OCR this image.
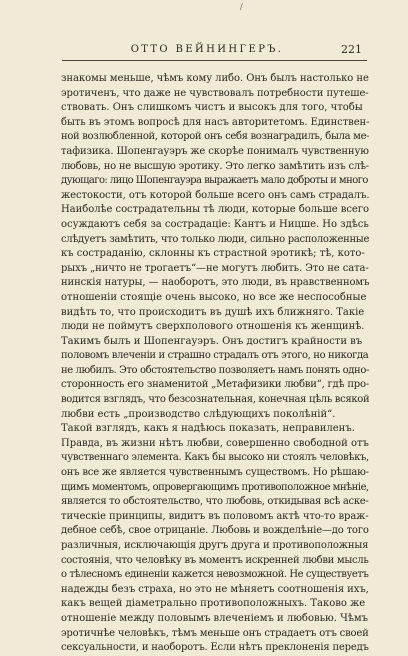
/
ОТТО ВЕЙНИНГЕРЪ.	221
знакомы меньше, чѣмъ кому либо. Онъ былъ настолько не
эротиченъ, что даже не чувствовалъ потребности путеше-
ствовать. Онъ слишкомъ чистъ и высокъ для того, чтобы
быть въ этомъ вопросѣ для насъ авторитетомъ. Единствен-
ной возлюбленной, которой онъ себя вознаградилъ, была ме-
тафизика. Шопенгауэръ же скорѣе понималъ чувственную
любовь, но не высшую эротику. Это легко замѣтить изъ слѣ-
дующаго: лицо Шопенгауэра выражаетъ мало доброты и много
жестокости, отъ которой больше всего онъ самъ страдалъ.
Наиболѣе сострадательны тѣ люди, которые больше всего
осуждаютъ себя за сострадаціе: Кантъ и Ницше. Но здѣсь
слѣдуетъ замѣтить, что только люди, сильно расположенные
къ состраданію, склонны къ страстной эротикѣ; тѣ, кото-
рыхъ „ничто не трогаетъ“—не могутъ любить. Это не сата-
нинскія натуры, — наоборотъ, это люди, въ нравственномъ
отношеніи стоящіе очень высоко, но все же неспособные
видѣть то, что происходитъ въ душѣ ихъ ближняго. Такіе
люди не поймутъ сверхполового отношенія къ женщинѣ.
Такимъ былъ и Шопенгауэръ. Онъ достигъ крайности въ
половомъ влеченіи и страшно страдалъ отъ этого, но никогда
не любилъ. Это обстоятельство позволяетъ намъ понять одно-
сторонность его знаменитой „Метафизики любви“, гдѣ про-
водится взглядъ, что безсознательная, конечная цѣль всякой
любви есть „производство слѣдующихъ поколѣній“.
Такой взглядъ, какъ я надѣюсь показать, неправиленъ.
Правда, въ жизни нѣтъ любви, совершенно свободной отъ
чувственнаго элемента. Какъ бы высоко ни стоялъ человѣкъ,
онъ все же является чувственнымъ существомъ. Но рѣшаю-
щимъ моментомъ, опровергающимъ противоположное мнѣніе,
является то обстоятельство, что любовь, откидывая всѣ аске-
тическіе принципы, видитъ въ половомъ актѣ что-то враж-
дебное себѣ, свое отрицаніе. Любовь и вожделѣніе—до того
различныя, исключающія другъ друга и противоположныя
состоянія, что человѣку въ моментъ искренней любви мысль
о тѣлесномъ единеніи кажется невозможной. Не существуетъ
надежды безъ страха, но это не мѣняетъ соотношенія ихъ,
какъ вещей діаметрально противоположныхъ. Таково же
отношеніе между половымъ влеченіемъ и любовью. Чѣмъ
эротичнѣе человѣкъ, тѣмъ меньше онъ страдаетъ отъ своей
сексуальности, и наоборотъ. Если нѣтъ преклоненія передъ
